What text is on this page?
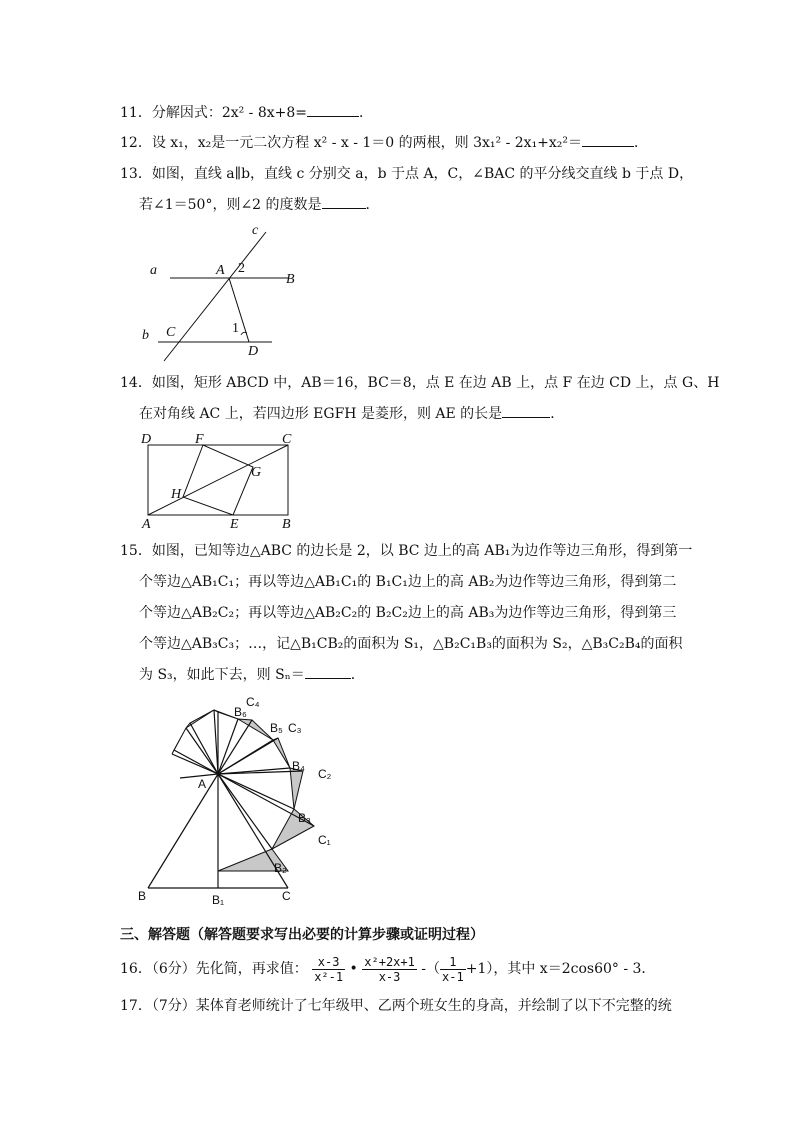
11．分解因式：2x² - 8x+8=	．
12．设 x₁，x₂是一元二次方程 x² - x - 1＝0 的两根，则 3x₁² - 2x₁+x₂²＝	．
13．如图，直线 a∥b，直线 c 分别交 a，b 于点 A，C，∠BAC 的平分线交直线 b 于点 D，
若∠1＝50°，则∠2 的度数是	．
c
a	A 2
B
b C	1
D
14．如图，矩形 ABCD 中，AB＝16，BC＝8，点 E 在边 AB 上，点 F 在边 CD 上，点 G、H
在对角线 AC 上，若四边形 EGFH 是菱形，则 AE 的长是	．
D	F	C
G
H
A	E	B
15．如图，已知等边△ABC 的边长是 2，以 BC 边上的高 AB₁为边作等边三角形，得到第一
个等边△AB₁C₁；再以等边△AB₁C₁的 B₁C₁边上的高 AB₂为边作等边三角形，得到第二
个等边△AB₂C₂；再以等边△AB₂C₂的 B₂C₂边上的高 AB₃为边作等边三角形，得到第三
个等边△AB₃C₃；…，记△B₁CB₂的面积为 S₁，△B₂C₁B₃的面积为 S₂，△B₃C₂B₄的面积
为 S₃，如此下去，则 Sₙ＝	．
C₄
B₆
B₅ C₃
B₄
C₂
A
B₃
C₁
B₂
B	B₁	C
三、解答题（解答题要求写出必要的计算步骤或证明过程）
16．（6分）先化简，再求值： $\frac{x-3}{\text{x²-1}}$ • $\frac{\text{x²+2x+1}}{x-3}$ -（ $\frac{1}{x-1} +1$），其中 x＝2cos60° - 3．
17．（7分）某体育老师统计了七年级甲、乙两个班女生的身高，并绘制了以下不完整的统
